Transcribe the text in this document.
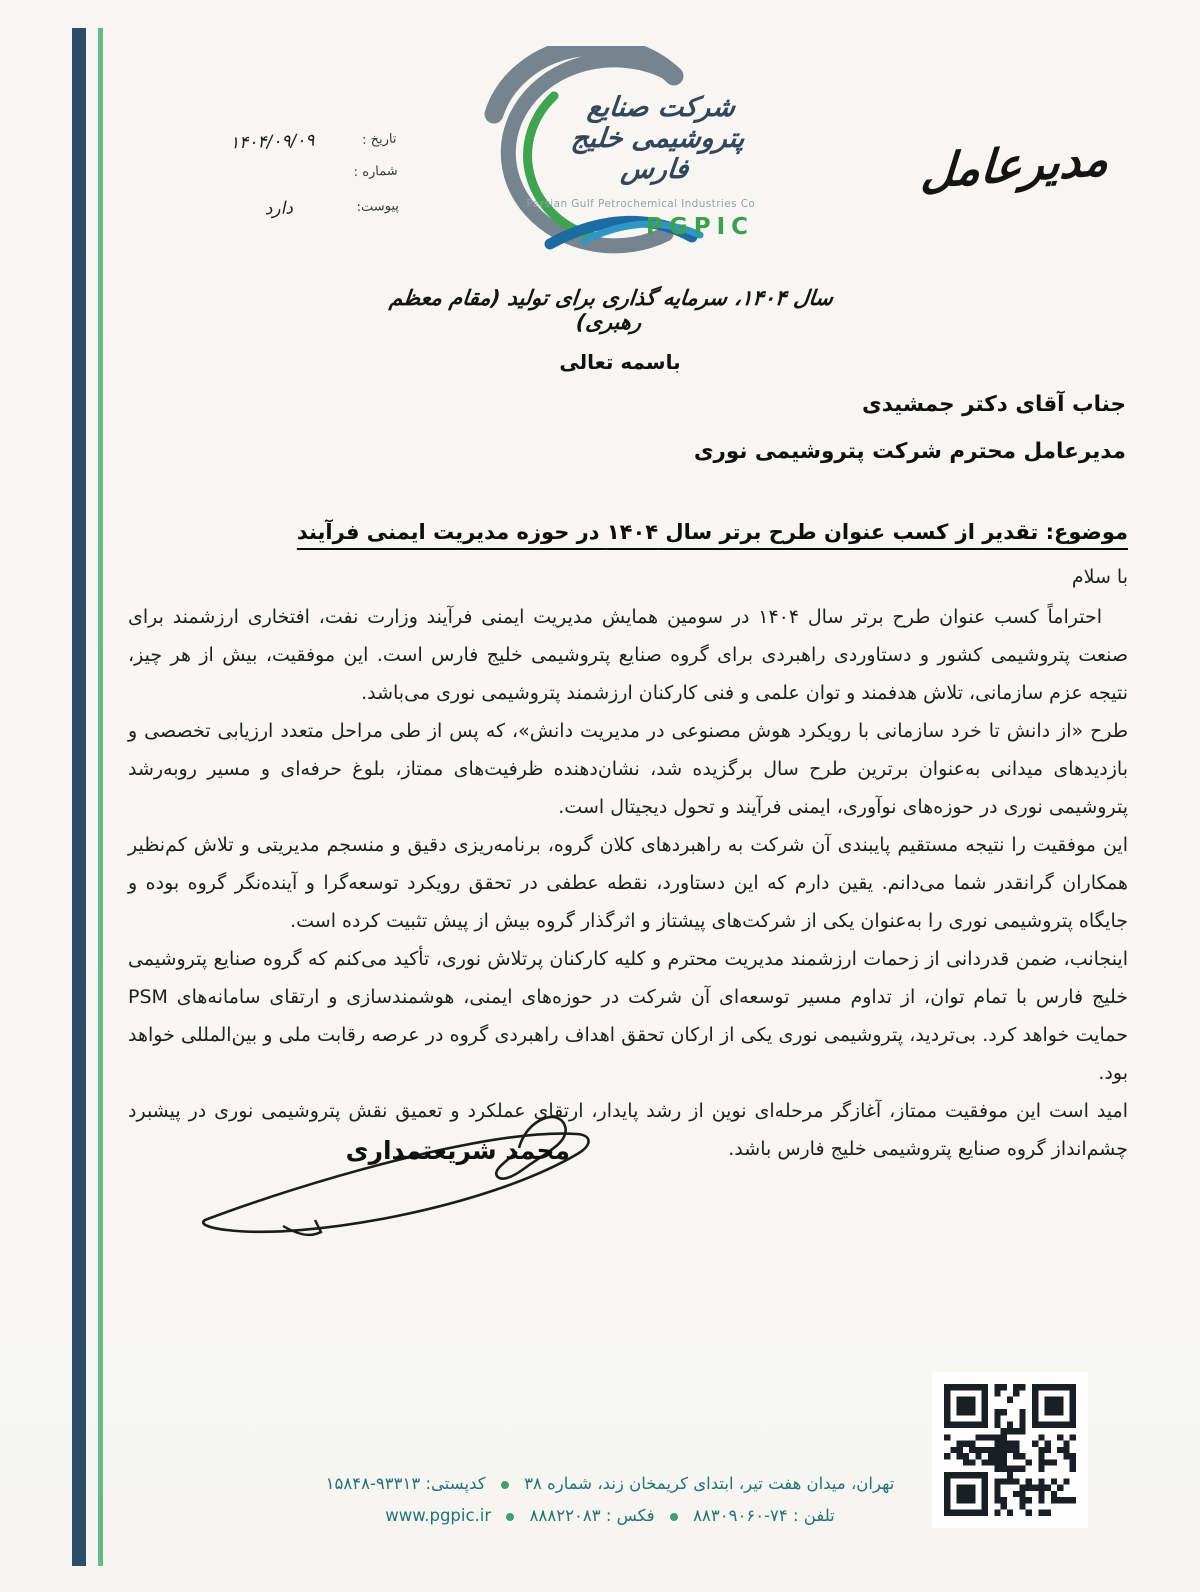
تاریخ :
۱۴۰۴/۰۹/۰۹
شماره :
پیوست:
دارد
شرکت صنایع پتروشیمی خلیج فارس
Persian Gulf Petrochemical Industries Co.
PGPIC
مدیرعامل
سال ۱۴۰۴، سرمایه گذاری برای تولید (مقام معظم رهبری)
باسمه تعالی
جناب آقای دکتر جمشیدی
مدیرعامل محترم شرکت پتروشیمی نوری
موضوع: تقدیر از کسب عنوان طرح برتر سال ۱۴۰۴ در حوزه مدیریت ایمنی فرآیند
با سلام

احتراماً کسب عنوان طرح برتر سال ۱۴۰۴ در سومین همایش مدیریت ایمنی فرآیند وزارت نفت، افتخاری ارزشمند برای صنعت پتروشیمی کشور و دستاوردی راهبردی برای گروه صنایع پتروشیمی خلیج فارس است. این موفقیت، بیش از هر چیز، نتیجه عزم سازمانی، تلاش هدفمند و توان علمی و فنی کارکنان ارزشمند پتروشیمی نوری می‌باشد.

طرح «از دانش تا خرد سازمانی با رویکرد هوش مصنوعی در مدیریت دانش»، که پس از طی مراحل متعدد ارزیابی تخصصی و بازدیدهای میدانی به‌عنوان برترین طرح سال برگزیده شد، نشان‌دهنده ظرفیت‌های ممتاز، بلوغ حرفه‌ای و مسیر روبه‌رشد پتروشیمی نوری در حوزه‌های نوآوری، ایمنی فرآیند و تحول دیجیتال است.

این موفقیت را نتیجه مستقیم پایبندی آن شرکت به راهبردهای کلان گروه، برنامه‌ریزی دقیق و منسجم مدیریتی و تلاش کم‌نظیر همکاران گرانقدر شما می‌دانم. یقین دارم که این دستاورد، نقطه عطفی در تحقق رویکرد توسعه‌گرا و آینده‌نگر گروه بوده و جایگاه پتروشیمی نوری را به‌عنوان یکی از شرکت‌های پیشتاز و اثرگذار گروه بیش از پیش تثبیت کرده است.

اینجانب، ضمن قدردانی از زحمات ارزشمند مدیریت محترم و کلیه کارکنان پرتلاش نوری، تأکید می‌کنم که گروه صنایع پتروشیمی خلیج فارس با تمام توان، از تداوم مسیر توسعه‌ای آن شرکت در حوزه‌های ایمنی، هوشمندسازی و ارتقای سامانه‌های PSM حمایت خواهد کرد. بی‌تردید، پتروشیمی نوری یکی از ارکان تحقق اهداف راهبردی گروه در عرصه رقابت ملی و بین‌المللی خواهد بود.

امید است این موفقیت ممتاز، آغازگر مرحله‌ای نوین از رشد پایدار، ارتقای عملکرد و تعمیق نقش پتروشیمی نوری در پیشبرد چشم‌انداز گروه صنایع پتروشیمی خلیج فارس باشد.

محمد شریعتمداری
تهران، میدان هفت تیر، ابتدای کریمخان زند، شماره ۳۸  کدپستی: ۱۵۸۴۸-۹۳۳۱۳
تلفن : ۸۸۳۰۹۰۶۰-۷۴  فکس : ۸۸۸۲۲۰۸۳  www.pgpic.ir
